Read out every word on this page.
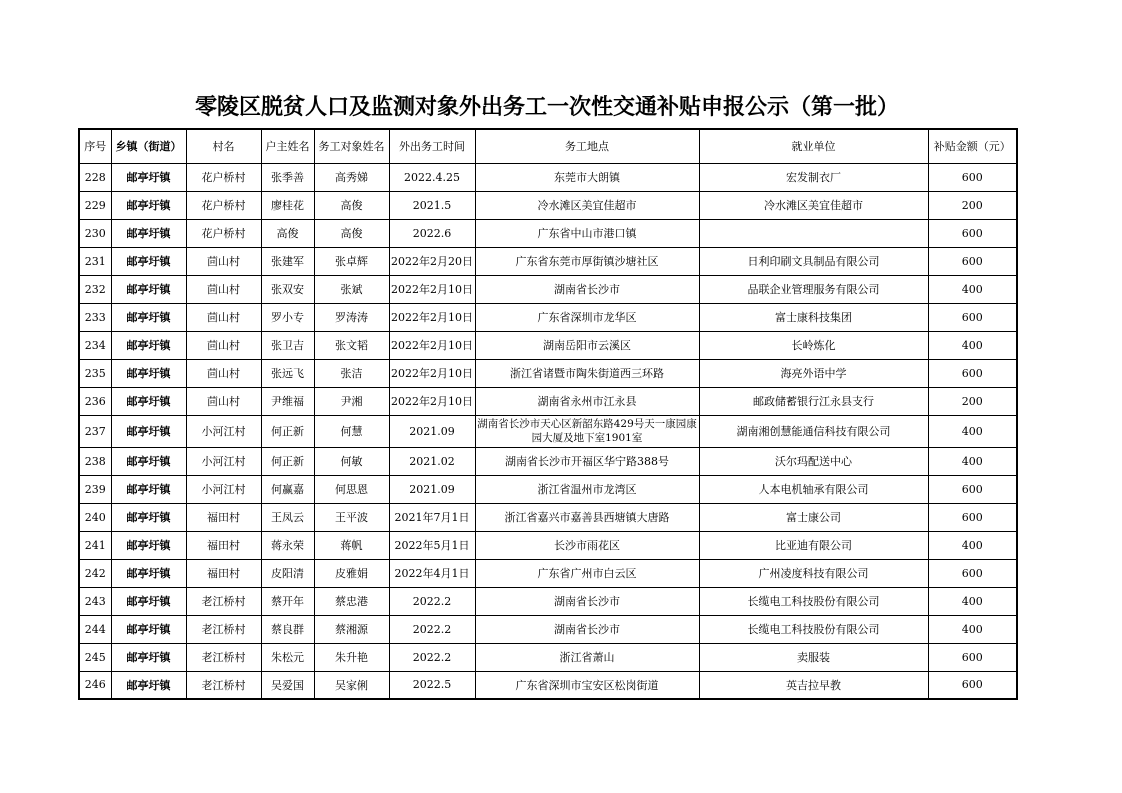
零陵区脱贫人口及监测对象外出务工一次性交通补贴申报公示（第一批）
序号	乡镇（街道）	村名	户主姓名	务工对象姓名	外出务工时间	务工地点	就业单位	补贴金额（元）
228	邮亭圩镇	花户桥村	张季善	高秀娣	2022.4.25	东莞市大朗镇	宏发制衣厂	600
229	邮亭圩镇	花户桥村	廖桂花	高俊	2021.5	冷水滩区美宜佳超市	冷水滩区美宜佳超市	200
230	邮亭圩镇	花户桥村	高俊	高俊	2022.6	广东省中山市港口镇		600
231	邮亭圩镇	茴山村	张建军	张卓辉	2022年2月20日	广东省东莞市厚街镇沙塘社区	日利印刷文具制品有限公司	600
232	邮亭圩镇	茴山村	张双安	张斌	2022年2月10日	湖南省长沙市	品联企业管理服务有限公司	400
233	邮亭圩镇	茴山村	罗小专	罗涛涛	2022年2月10日	广东省深圳市龙华区	富士康科技集团	600
234	邮亭圩镇	茴山村	张卫吉	张文韬	2022年2月10日	湖南岳阳市云溪区	长岭炼化	400
235	邮亭圩镇	茴山村	张远飞	张洁	2022年2月10日	浙江省诸暨市陶朱街道西三环路	海亮外语中学	600
236	邮亭圩镇	茴山村	尹维福	尹湘	2022年2月10日	湖南省永州市江永县	邮政储蓄银行江永县支行	200
237	邮亭圩镇	小河江村	何正新	何慧	2021.09	湖南省长沙市天心区新韶东路429号天一康园康园大厦及地下室1901室	湖南湘创慧能通信科技有限公司	400
238	邮亭圩镇	小河江村	何正新	何敏	2021.02	湖南省长沙市开福区华宁路388号	沃尔玛配送中心	400
239	邮亭圩镇	小河江村	何赢嘉	何思恩	2021.09	浙江省温州市龙湾区	人本电机轴承有限公司	600
240	邮亭圩镇	福田村	王凤云	王平波	2021年7月1日	浙江省嘉兴市嘉善县西塘镇大唐路	富士康公司	600
241	邮亭圩镇	福田村	蒋永荣	蒋帆	2022年5月1日	长沙市雨花区	比亚迪有限公司	400
242	邮亭圩镇	福田村	皮阳清	皮雅娟	2022年4月1日	广东省广州市白云区	广州凌度科技有限公司	600
243	邮亭圩镇	老江桥村	蔡开年	蔡忠港	2022.2	湖南省长沙市	长缆电工科技股份有限公司	400
244	邮亭圩镇	老江桥村	蔡良群	蔡湘源	2022.2	湖南省长沙市	长缆电工科技股份有限公司	400
245	邮亭圩镇	老江桥村	朱松元	朱升艳	2022.2	浙江省萧山	卖服装	600
246	邮亭圩镇	老江桥村	吴爱国	吴家俐	2022.5	广东省深圳市宝安区松岗街道	英吉拉早教	600
